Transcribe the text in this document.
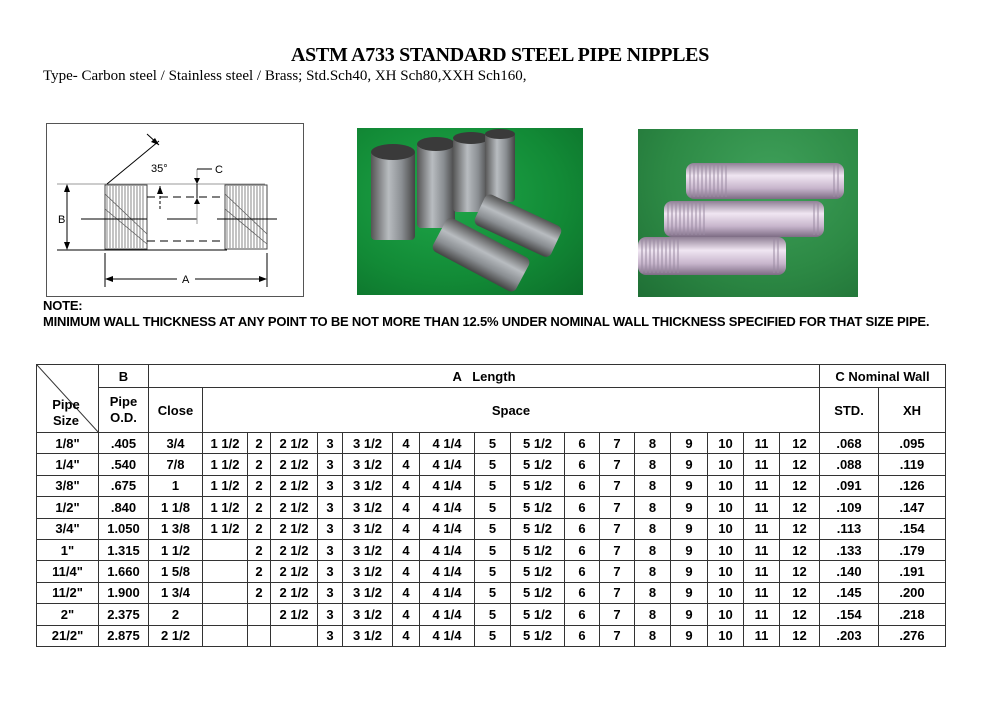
ASTM A733 STANDARD STEEL PIPE NIPPLES
Type- Carbon steel / Stainless steel / Brass; Std.Sch40, XH Sch80,XXH Sch160,
B
A
35°	C
NOTE:
MINIMUM WALL THICKNESS AT ANY POINT TO BE NOT MORE THAN 12.5% UNDER NOMINAL WALL THICKNESS SPECIFIED FOR THAT SIZE PIPE.
Pipe Size	B	A   Length																	C Nominal Wall	
	Pipe O.D.	Close	Space																STD.	XH
1/8"	.405	3/4	1 1/2	2	2 1/2	3	3 1/2	4	4 1/4	5	5 1/2	6	7	8	9	10	11	12	.068	.095
1/4"	.540	7/8	1 1/2	2	2 1/2	3	3 1/2	4	4 1/4	5	5 1/2	6	7	8	9	10	11	12	.088	.119
3/8"	.675	1	1 1/2	2	2 1/2	3	3 1/2	4	4 1/4	5	5 1/2	6	7	8	9	10	11	12	.091	.126
1/2"	.840	1 1/8	1 1/2	2	2 1/2	3	3 1/2	4	4 1/4	5	5 1/2	6	7	8	9	10	11	12	.109	.147
3/4"	1.050	1 3/8	1 1/2	2	2 1/2	3	3 1/2	4	4 1/4	5	5 1/2	6	7	8	9	10	11	12	.113	.154
1"	1.315	1 1/2		2	2 1/2	3	3 1/2	4	4 1/4	5	5 1/2	6	7	8	9	10	11	12	.133	.179
11/4"	1.660	1 5/8		2	2 1/2	3	3 1/2	4	4 1/4	5	5 1/2	6	7	8	9	10	11	12	.140	.191
11/2"	1.900	1 3/4		2	2 1/2	3	3 1/2	4	4 1/4	5	5 1/2	6	7	8	9	10	11	12	.145	.200
2"	2.375	2			2 1/2	3	3 1/2	4	4 1/4	5	5 1/2	6	7	8	9	10	11	12	.154	.218
21/2"	2.875	2 1/2				3	3 1/2	4	4 1/4	5	5 1/2	6	7	8	9	10	11	12	.203	.276
